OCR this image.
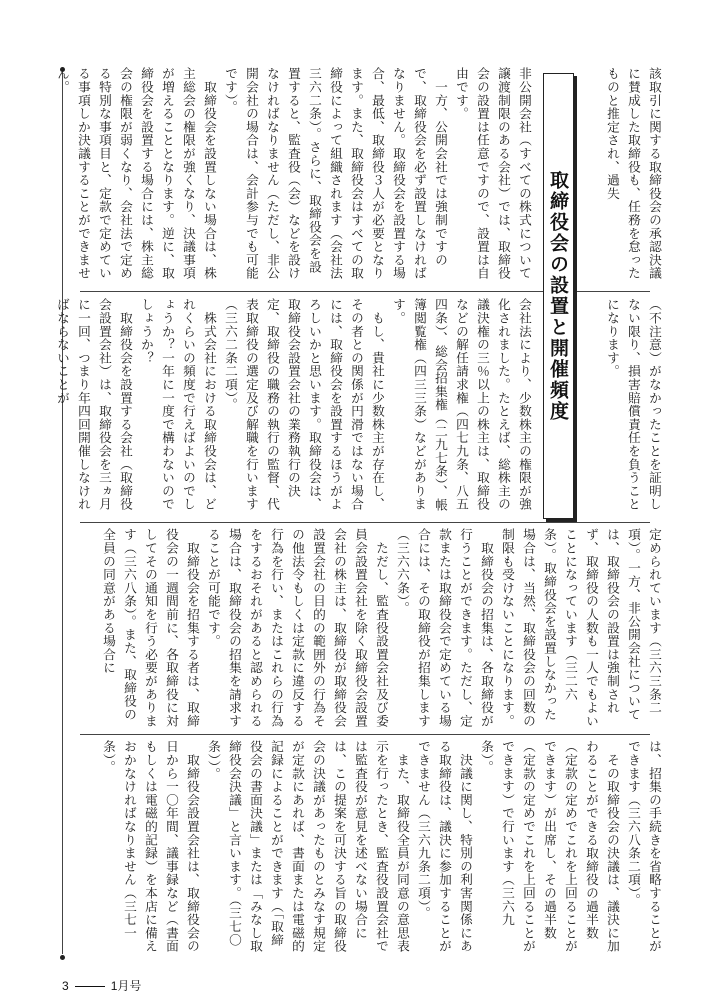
該取引に関する取締役会の承認決議に賛成した取締役も、任務を怠ったものと推定され、過失
（不注意）がなかったことを証明しない限り、損害賠償責任を負うことになります。
取締役会の設置と開催頻度
非公開会社（すべての株式について譲渡制限のある会社）では、取締役会の設置は任意ですので、設置は自由です。
　一方、公開会社では強制ですので、取締役会を必ず設置しなければなりません。取締役会を設置する場合、最低、取締役３人が必要となります。また、取締役会はすべての取締役によって組織されます（会社法三六二条）。さらに、取締役会を設置すると、監査役（会）などを設けなければなりません（ただし、非公開会社の場合は、会計参与でも可能です）。
　取締役会を設置しない場合は、株主総会の権限が強くなり、決議事項が増えることとなります。逆に、取締役会を設置する場合には、株主総会の権限が弱くなり、会社法で定める特別な事項目と、定款で定めている事項しか決議することができません。
会社法により、少数株主の権限が強化されました。たとえば、総株主の議決権の三％以上の株主は、取締役などの解任請求権（四七九条、八五四条）、総会招集権（二九七条）、帳簿閲覧権（四三三条）などがあります。
　もし、貴社に少数株主が存在し、その者との関係が円滑ではない場合には、取締役会を設置するほうがよろしいかと思います。取締役会は、取締役会設置会社の業務執行の決定、取締役の職務の執行の監督、代表取締役の選定及び解職を行います（三六二条二項）。
　株式会社における取締役会は、どれくらいの頻度で行えばよいのでしょうか？一年に一度で構わないのでしょうか？
　取締役会を設置する会社（取締役会設置会社）は、取締役会を三ヵ月に一回、つまり年四回開催しなければならないことが
定められています（三六三条二項）。一方、非公開会社については、取締役会の設置は強制されず、取締役の人数も一人でもよいことになっています（三二六条）。取締役会を設置しなかった場合は、当然、取締役会の回数の制限も受けないことになります。
　取締役会の招集は、各取締役が行うことができます。ただし、定款または取締役会で定めている場合には、その取締役が招集します（三六六条）。
　ただし、監査役設置会社及び委員会設置会社を除く取締役会設置会社の株主は、取締役が取締役会設置会社の目的の範囲外の行為その他法令もしくは定款に違反する行為を行い、またはこれらの行為をするおそれがあると認められる場合は、取締役会の招集を請求することが可能です。
　取締役会を招集する者は、取締役会の一週間前に、各取締役に対してその通知を行う必要があります（三六八条）。また、取締役の全員の同意がある場合に
は、招集の手続きを省略することができます（三六八条二項）。
　その取締役会の決議は、議決に加わることができる取締役の過半数（定款の定めでこれを上回ることができます）が出席し、その過半数（定款の定めでこれを上回ることができます）で行います（三六九条）。
　決議に関し、特別の利害関係にある取締役は、議決に参加することができません（三六九条二項）。
　また、取締役全員が同意の意思表示を行ったとき、監査役設置会社では監査役が意見を述べない場合には、この提案を可決する旨の取締役会の決議があったものとみなす規定が定款にあれば、書面または電磁的記録によることができます（「取締役会の書面決議」または「みなし取締役会決議」と言います。（三七〇条））。
　取締役会設置会社は、取締役会の日から一〇年間、議事録など（書面もしくは電磁的記録）を本店に備えおかなければなりません（三七一条）。
3	1月号
